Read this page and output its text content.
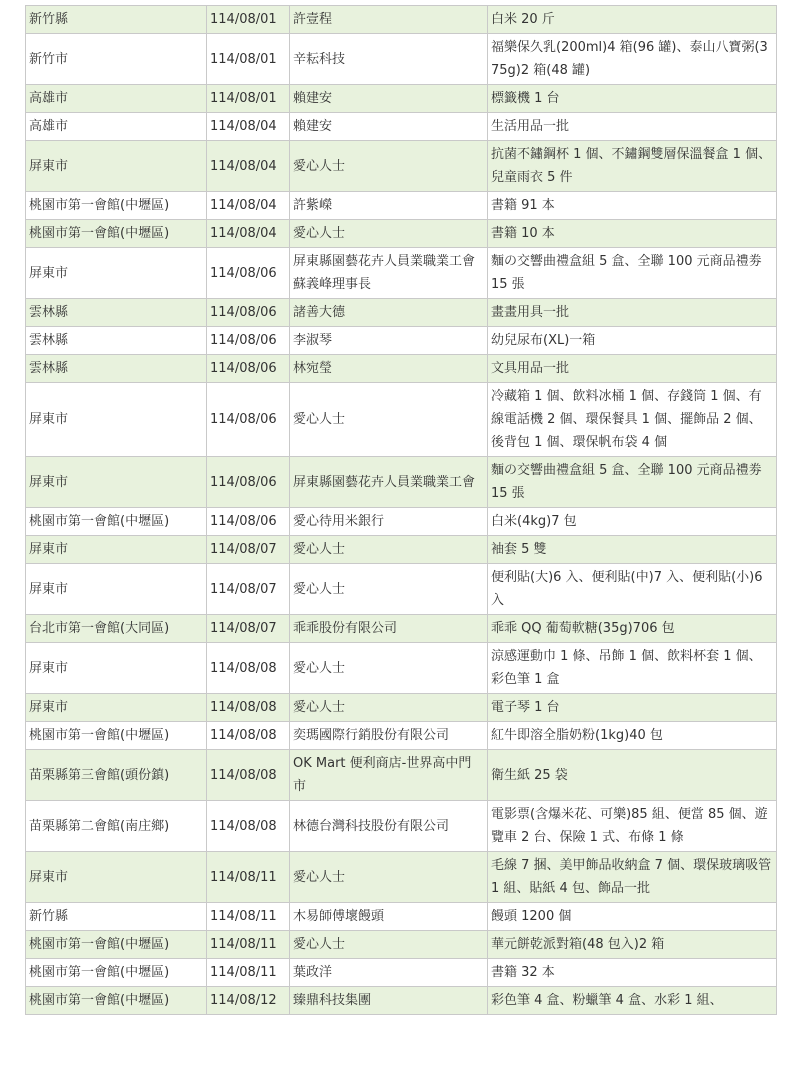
新竹縣	114/08/01	許壹程	白米 20 斤
新竹市	114/08/01	辛耘科技	福樂保久乳(200ml)4 箱(96 罐)、泰山八寶粥(375g)2 箱(48 罐)
高雄市	114/08/01	賴建安	標籤機 1 台
高雄市	114/08/04	賴建安	生活用品一批
屏東市	114/08/04	愛心人士	抗菌不鏽鋼杯 1 個、不鏽鋼雙層保溫餐盒 1 個、兒童雨衣 5 件
桃園市第一會館(中壢區)	114/08/04	許紫嶸	書籍 91 本
桃園市第一會館(中壢區)	114/08/04	愛心人士	書籍 10 本
屏東市	114/08/06	屏東縣園藝花卉人員業職業工會蘇義峰理事長	麵の交響曲禮盒組 5 盒、全聯 100 元商品禮劵 15 張
雲林縣	114/08/06	諸善大德	畫畫用具一批
雲林縣	114/08/06	李淑琴	幼兒尿布(XL)一箱
雲林縣	114/08/06	林宛瑩	文具用品一批
屏東市	114/08/06	愛心人士	冷藏箱 1 個、飲料冰桶 1 個、存錢筒 1 個、有線電話機 2 個、環保餐具 1 個、擺飾品 2 個、後背包 1 個、環保帆布袋 4 個
屏東市	114/08/06	屏東縣園藝花卉人員業職業工會	麵の交響曲禮盒組 5 盒、全聯 100 元商品禮劵 15 張
桃園市第一會館(中壢區)	114/08/06	愛心待用米銀行	白米(4kg)7 包
屏東市	114/08/07	愛心人士	袖套 5 雙
屏東市	114/08/07	愛心人士	便利貼(大)6 入、便利貼(中)7 入、便利貼(小)6 入
台北市第一會館(大同區)	114/08/07	乖乖股份有限公司	乖乖 QQ 葡萄軟糖(35g)706 包
屏東市	114/08/08	愛心人士	涼感運動巾 1 條、吊飾 1 個、飲料杯套 1 個、彩色筆 1 盒
屏東市	114/08/08	愛心人士	電子琴 1 台
桃園市第一會館(中壢區)	114/08/08	奕瑪國際行銷股份有限公司	紅牛即溶全脂奶粉(1kg)40 包
苗栗縣第三會館(頭份鎮)	114/08/08	OK Mart 便利商店-世界高中門市	衛生紙 25 袋
苗栗縣第二會館(南庄鄉)	114/08/08	林德台灣科技股份有限公司	電影票(含爆米花、可樂)85 組、便當 85 個、遊覽車 2 台、保險 1 式、布條 1 條
屏東市	114/08/11	愛心人士	毛線 7 捆、美甲飾品收納盒 7 個、環保玻璃吸管 1 組、貼紙 4 包、飾品一批
新竹縣	114/08/11	木易師傅壞饅頭	饅頭 1200 個
桃園市第一會館(中壢區)	114/08/11	愛心人士	華元餅乾派對箱(48 包入)2 箱
桃園市第一會館(中壢區)	114/08/11	葉政洋	書籍 32 本
桃園市第一會館(中壢區)	114/08/12	臻鼎科技集團	彩色筆 4 盒、粉蠟筆 4 盒、水彩 1 組、
